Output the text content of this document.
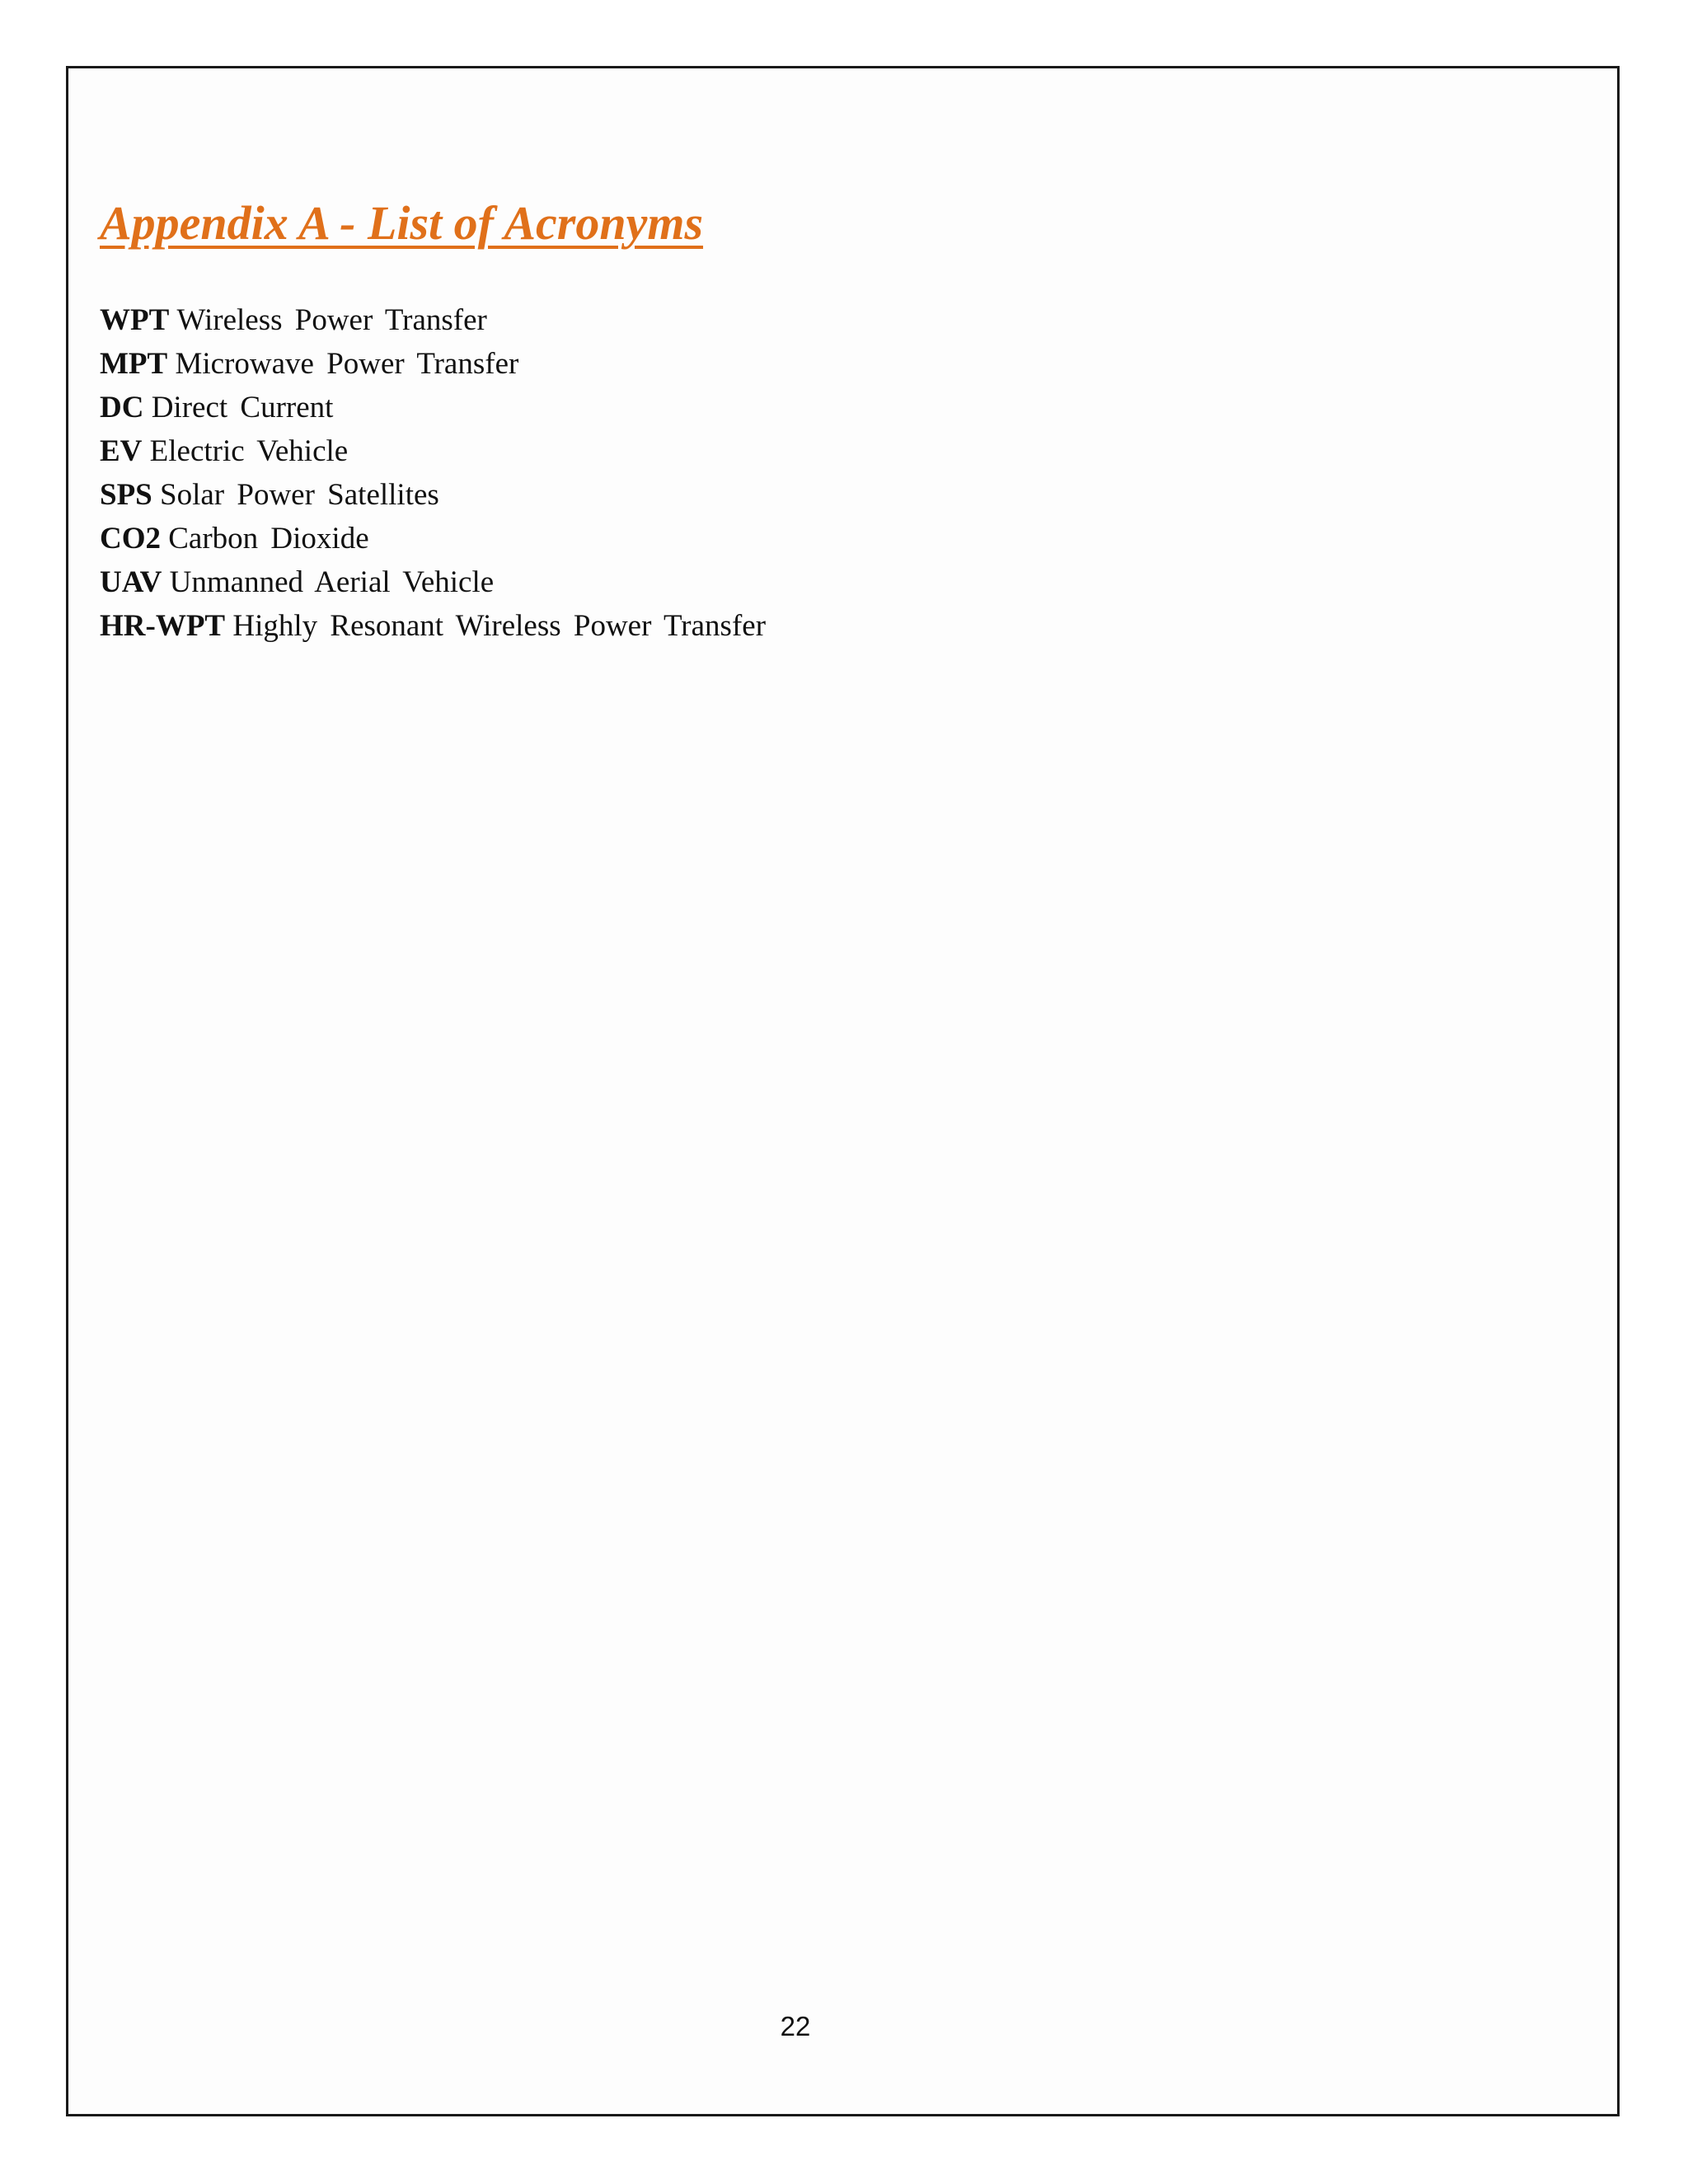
Appendix A - List of Acronyms
WPT Wireless Power Transfer
MPT Microwave Power Transfer
DC Direct Current
EV Electric Vehicle
SPS Solar Power Satellites
CO2 Carbon Dioxide
UAV Unmanned Aerial Vehicle
HR-WPT Highly Resonant Wireless Power Transfer
22
